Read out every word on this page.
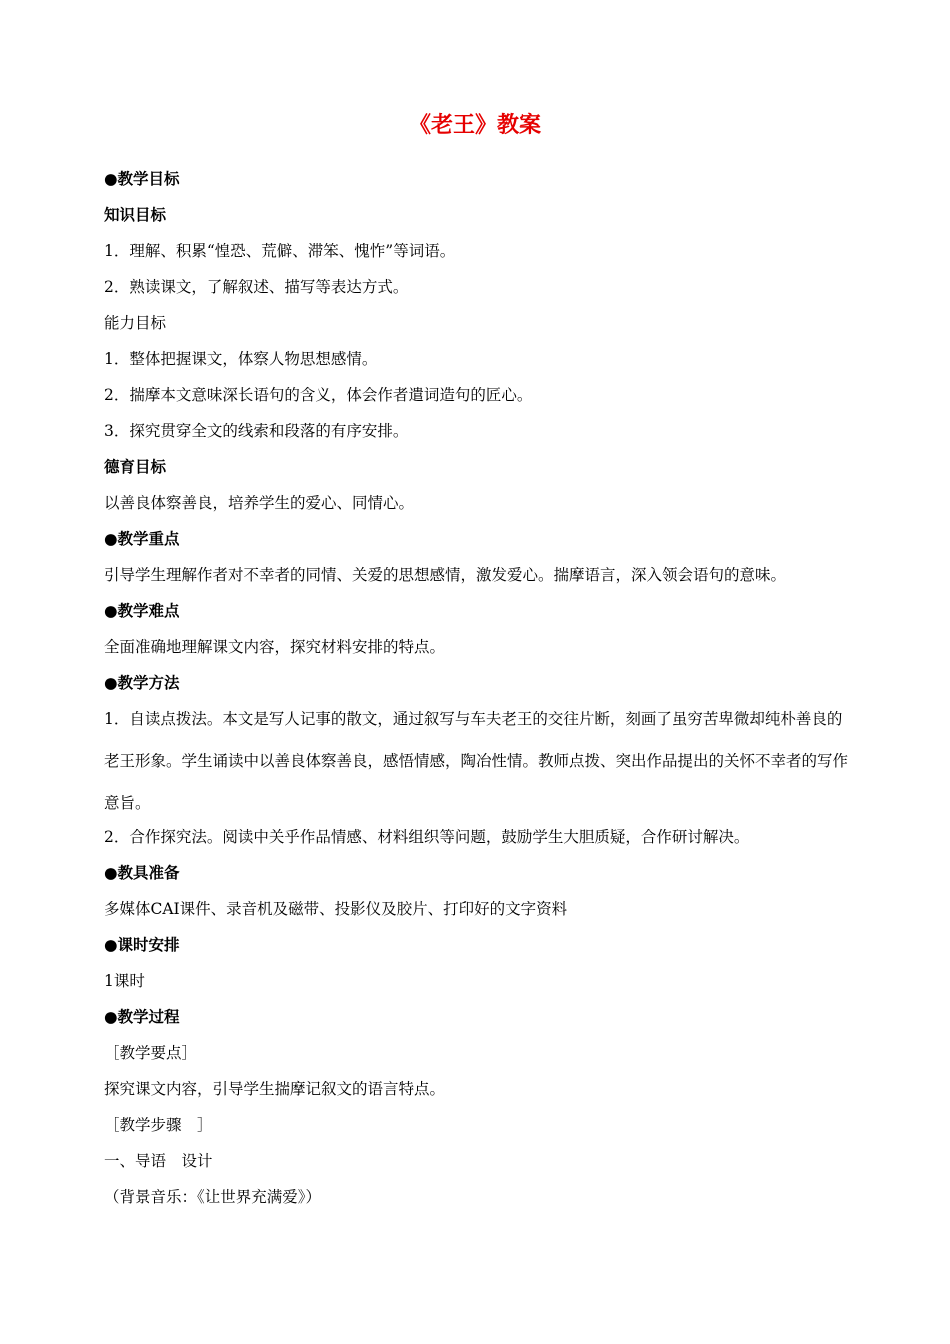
《老王》教案
●教学目标
知识目标
1．理解、积累“惶恐、荒僻、滞笨、愧怍”等词语。
2．熟读课文，了解叙述、描写等表达方式。
能力目标
1．整体把握课文，体察人物思想感情。
2．揣摩本文意味深长语句的含义，体会作者遣词造句的匠心。
3．探究贯穿全文的线索和段落的有序安排。
德育目标
以善良体察善良，培养学生的爱心、同情心。
●教学重点
引导学生理解作者对不幸者的同情、关爱的思想感情，激发爱心。揣摩语言，深入领会语句的意味。
●教学难点
全面准确地理解课文内容，探究材料安排的特点。
●教学方法
1．自读点拨法。本文是写人记事的散文，通过叙写与车夫老王的交往片断，刻画了虽穷苦卑微却纯朴善良的老王形象。学生诵读中以善良体察善良，感悟情感，陶冶性情。教师点拨、突出作品提出的关怀不幸者的写作意旨。
2．合作探究法。阅读中关乎作品情感、材料组织等问题，鼓励学生大胆质疑，合作研讨解决。
●教具准备
多媒体CAI课件、录音机及磁带、投影仪及胶片、打印好的文字资料
●课时安排
1课时
●教学过程
［教学要点］
探究课文内容，引导学生揣摩记叙文的语言特点。
［教学步骤　］
一、导语　设计
（背景音乐：《让世界充满爱》）
